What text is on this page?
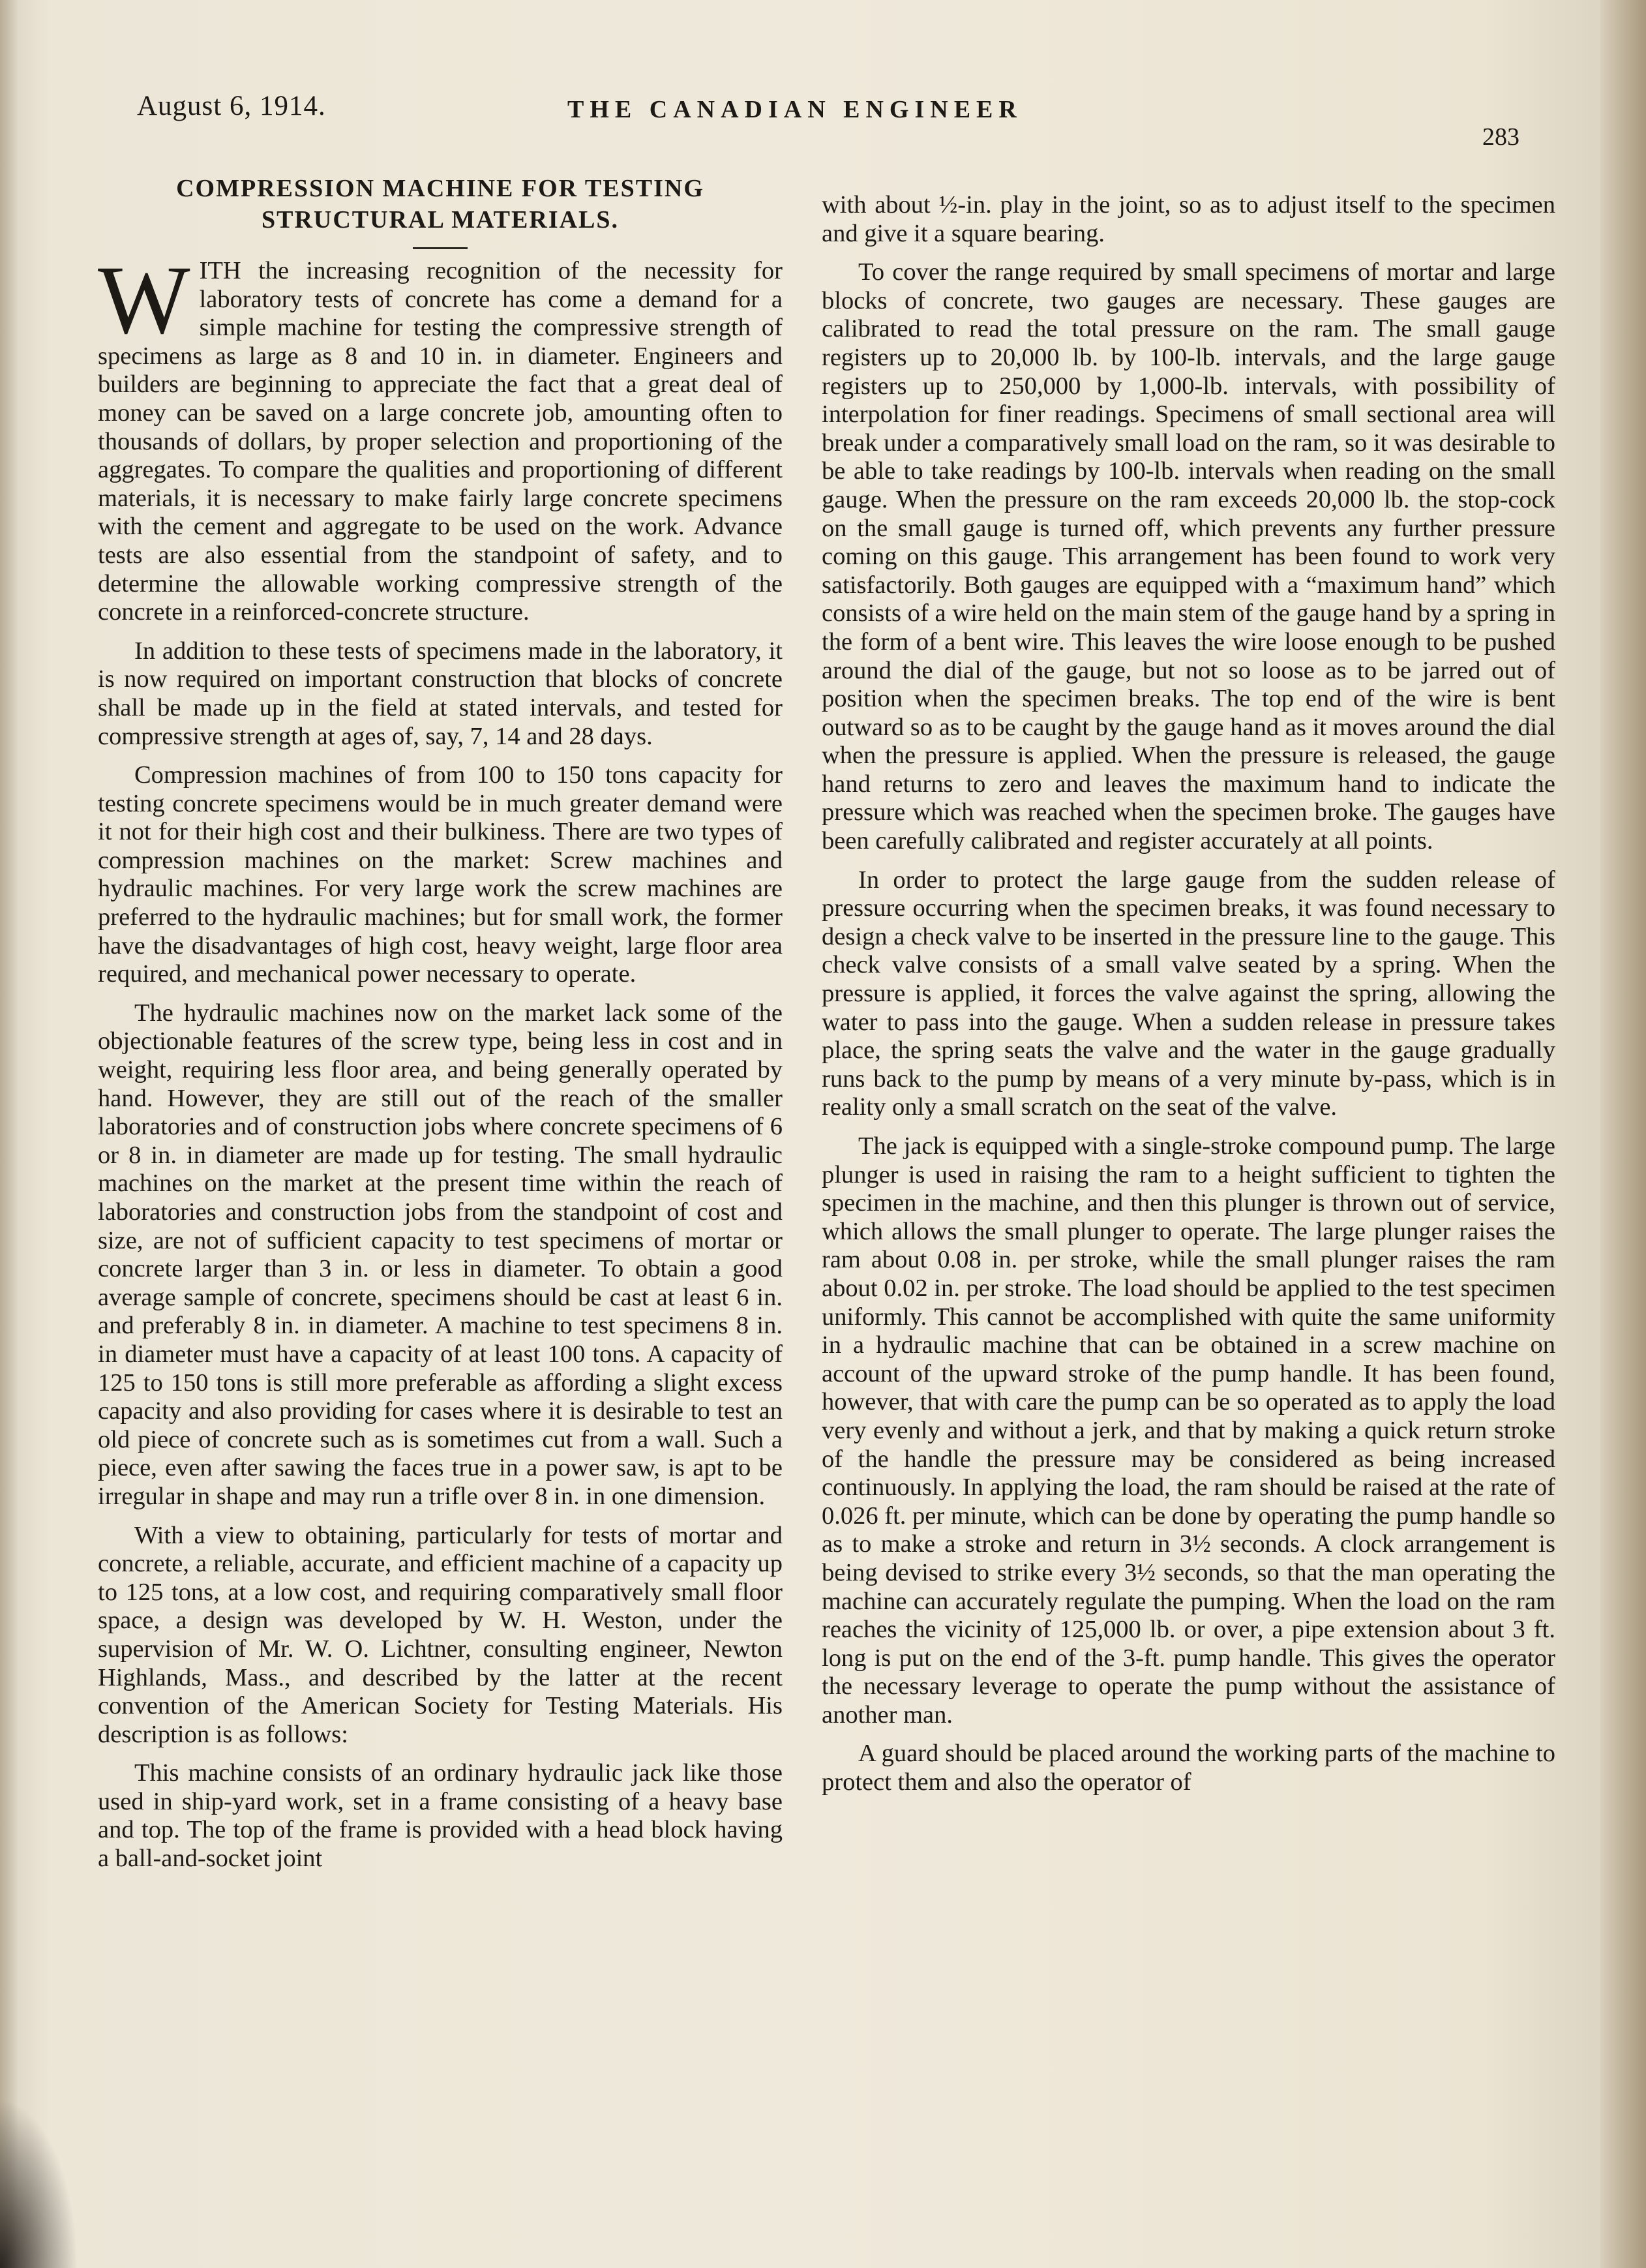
August 6, 1914.	THE CANADIAN ENGINEER
283
COMPRESSION MACHINE FOR TESTING
STRUCTURAL MATERIALS.

WITH the increasing recognition of the necessity for laboratory tests of concrete has come a demand for a simple machine for testing the compressive strength of specimens as large as 8 and 10 in. in diameter. Engineers and builders are beginning to appreciate the fact that a great deal of money can be saved on a large concrete job, amounting often to thousands of dollars, by proper selection and proportioning of the aggregates. To compare the qualities and proportioning of different materials, it is necessary to make fairly large concrete specimens with the cement and aggregate to be used on the work. Advance tests are also essential from the standpoint of safety, and to determine the allowable working compressive strength of the concrete in a reinforced-concrete structure.

In addition to these tests of specimens made in the laboratory, it is now required on important construction that blocks of concrete shall be made up in the field at stated intervals, and tested for compressive strength at ages of, say, 7, 14 and 28 days.

Compression machines of from 100 to 150 tons capacity for testing concrete specimens would be in much greater demand were it not for their high cost and their bulkiness. There are two types of compression machines on the market: Screw machines and hydraulic machines. For very large work the screw machines are preferred to the hydraulic machines; but for small work, the former have the disadvantages of high cost, heavy weight, large floor area required, and mechanical power necessary to operate.

The hydraulic machines now on the market lack some of the objectionable features of the screw type, being less in cost and in weight, requiring less floor area, and being generally operated by hand. However, they are still out of the reach of the smaller laboratories and of construction jobs where concrete specimens of 6 or 8 in. in diameter are made up for testing. The small hydraulic machines on the market at the present time within the reach of laboratories and construction jobs from the standpoint of cost and size, are not of sufficient capacity to test specimens of mortar or concrete larger than 3 in. or less in diameter. To obtain a good average sample of concrete, specimens should be cast at least 6 in. and preferably 8 in. in diameter. A machine to test specimens 8 in. in diameter must have a capacity of at least 100 tons. A capacity of 125 to 150 tons is still more preferable as affording a slight excess capacity and also providing for cases where it is desirable to test an old piece of concrete such as is sometimes cut from a wall. Such a piece, even after sawing the faces true in a power saw, is apt to be irregular in shape and may run a trifle over 8 in. in one dimension.

With a view to obtaining, particularly for tests of mortar and concrete, a reliable, accurate, and efficient machine of a capacity up to 125 tons, at a low cost, and requiring comparatively small floor space, a design was developed by W. H. Weston, under the supervision of Mr. W. O. Lichtner, consulting engineer, Newton Highlands, Mass., and described by the latter at the recent convention of the American Society for Testing Materials. His description is as follows:

This machine consists of an ordinary hydraulic jack like those used in ship-yard work, set in a frame consisting of a heavy base and top. The top of the frame is provided with a head block having a ball-and-socket joint

with about ½-in. play in the joint, so as to adjust itself to the specimen and give it a square bearing.

To cover the range required by small specimens of mortar and large blocks of concrete, two gauges are necessary. These gauges are calibrated to read the total pressure on the ram. The small gauge registers up to 20,000 lb. by 100-lb. intervals, and the large gauge registers up to 250,000 by 1,000-lb. intervals, with possibility of interpolation for finer readings. Specimens of small sectional area will break under a comparatively small load on the ram, so it was desirable to be able to take readings by 100-lb. intervals when reading on the small gauge. When the pressure on the ram exceeds 20,000 lb. the stop-cock on the small gauge is turned off, which prevents any further pressure coming on this gauge. This arrangement has been found to work very satisfactorily. Both gauges are equipped with a “maximum hand” which consists of a wire held on the main stem of the gauge hand by a spring in the form of a bent wire. This leaves the wire loose enough to be pushed around the dial of the gauge, but not so loose as to be jarred out of position when the specimen breaks. The top end of the wire is bent outward so as to be caught by the gauge hand as it moves around the dial when the pressure is applied. When the pressure is released, the gauge hand returns to zero and leaves the maximum hand to indicate the pressure which was reached when the specimen broke. The gauges have been carefully calibrated and register accurately at all points.

In order to protect the large gauge from the sudden release of pressure occurring when the specimen breaks, it was found necessary to design a check valve to be inserted in the pressure line to the gauge. This check valve consists of a small valve seated by a spring. When the pressure is applied, it forces the valve against the spring, allowing the water to pass into the gauge. When a sudden release in pressure takes place, the spring seats the valve and the water in the gauge gradually runs back to the pump by means of a very minute by-pass, which is in reality only a small scratch on the seat of the valve.

The jack is equipped with a single-stroke compound pump. The large plunger is used in raising the ram to a height sufficient to tighten the specimen in the machine, and then this plunger is thrown out of service, which allows the small plunger to operate. The large plunger raises the ram about 0.08 in. per stroke, while the small plunger raises the ram about 0.02 in. per stroke. The load should be applied to the test specimen uniformly. This cannot be accomplished with quite the same uniformity in a hydraulic machine that can be obtained in a screw machine on account of the upward stroke of the pump handle. It has been found, however, that with care the pump can be so operated as to apply the load very evenly and without a jerk, and that by making a quick return stroke of the handle the pressure may be considered as being increased continuously. In applying the load, the ram should be raised at the rate of 0.026 ft. per minute, which can be done by operating the pump handle so as to make a stroke and return in 3½ seconds. A clock arrangement is being devised to strike every 3½ seconds, so that the man operating the machine can accurately regulate the pumping. When the load on the ram reaches the vicinity of 125,000 lb. or over, a pipe extension about 3 ft. long is put on the end of the 3-ft. pump handle. This gives the operator the necessary leverage to operate the pump without the assistance of another man.

A guard should be placed around the working parts of the machine to protect them and also the operator of
